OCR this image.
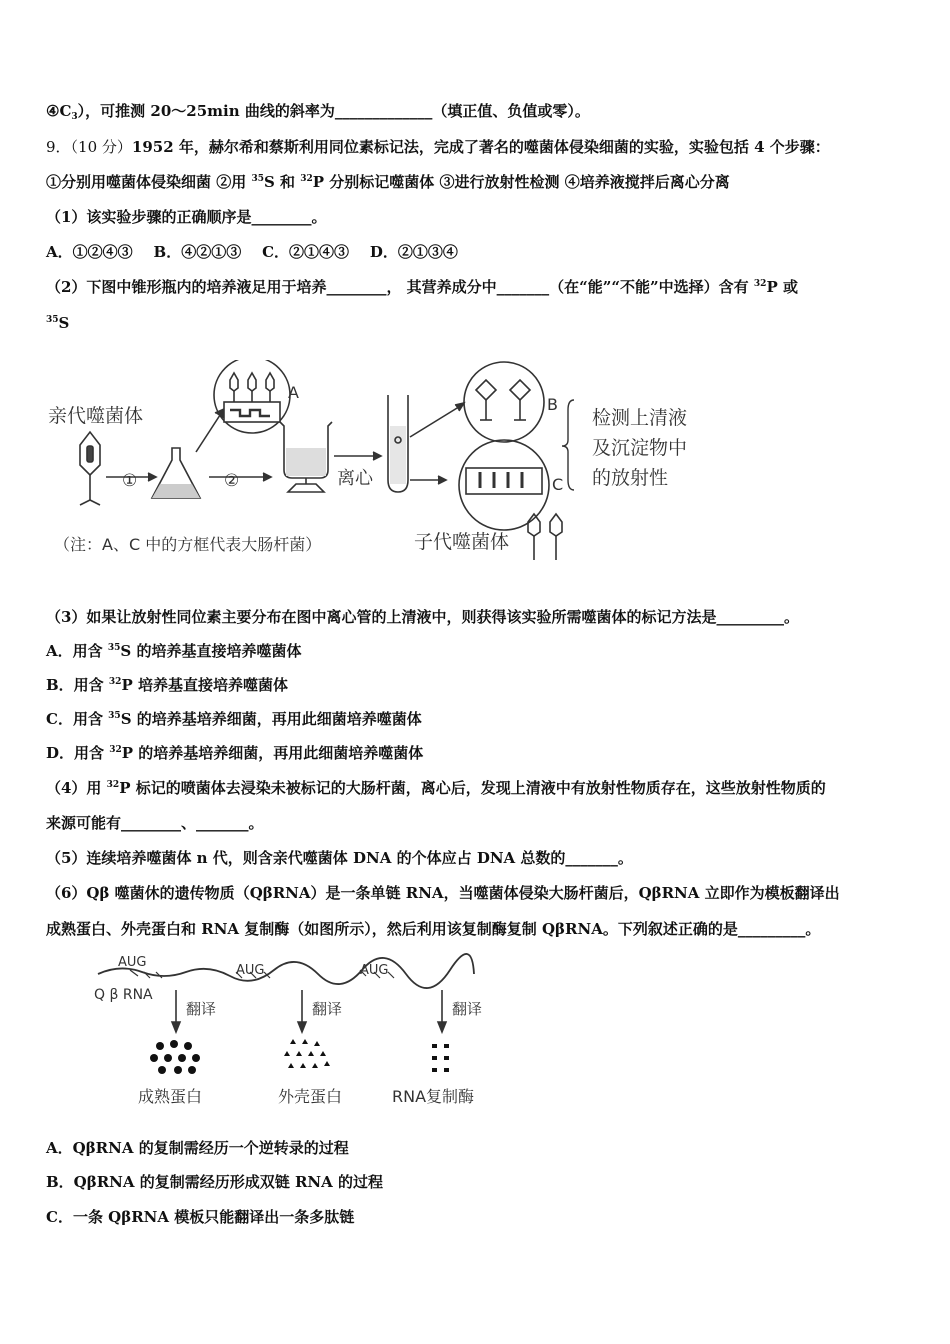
$④C_3$），可推测 20～25min 曲线的斜率为_____________（填正值、负值或零）。
9．（10 分）1952 年，赫尔希和蔡斯利用同位素标记法，完成了著名的噬菌体侵染细菌的实验，实验包括 4 个步骤：
①分别用噬菌体侵染细菌 ②用 $^{35}$S 和 $^{32}$P 分别标记噬菌体 ③进行放射性检测 ④培养液搅拌后离心分离
（1）该实验步骤的正确顺序是________。
A．①②④③    B．④②①③    C．②①④③    D．②①③④
（2）下图中锥形瓶内的培养液足用于培养________， 其营养成分中_______（在“能”“不能”中选择）含有 $^{32}$P 或
$^{35}$S
亲代噬菌体
①	②
A
离心
B
C
检测上清液
及沉淀物中
的放射性
（注：A、C 中的方框代表大肠杆菌）	子代噬菌体
（3）如果让放射性同位素主要分布在图中离心管的上清液中，则获得该实验所需噬菌体的标记方法是_________。
A．用含 $^{35}$S 的培养基直接培养噬菌体
B．用含 $^{32}$P 培养基直接培养噬菌体
C．用含 $^{35}$S 的培养基培养细菌，再用此细菌培养噬菌体
D．用含 $^{32}$P 的培养基培养细菌，再用此细菌培养噬菌体
（4）用 $^{32}$P 标记的喷菌体去浸染未被标记的大肠杆菌，离心后，发现上清液中有放射性物质存在，这些放射性物质的
来源可能有________、_______。
（5）连续培养噬菌体 n 代，则含亲代噬菌体 DNA 的个体应占 DNA 总数的_______。
（6）Qβ 噬菌休的遗传物质（QβRNA）是一条单链 RNA，当噬菌体侵染大肠杆菌后，QβRNA 立即作为模板翻译出
成熟蛋白、外壳蛋白和 RNA 复制酶（如图所示），然后利用该复制酶复制 QβRNA。下列叙述正确的是_________。
AUG
AUG	AUG
Q β RNA
翻译	翻译	翻译
成熟蛋白	外壳蛋白	RNA复制酶
A．QβRNA 的复制需经历一个逆转录的过程
B．QβRNA 的复制需经历形成双链 RNA 的过程
C．一条 QβRNA 模板只能翻译出一条多肽链
